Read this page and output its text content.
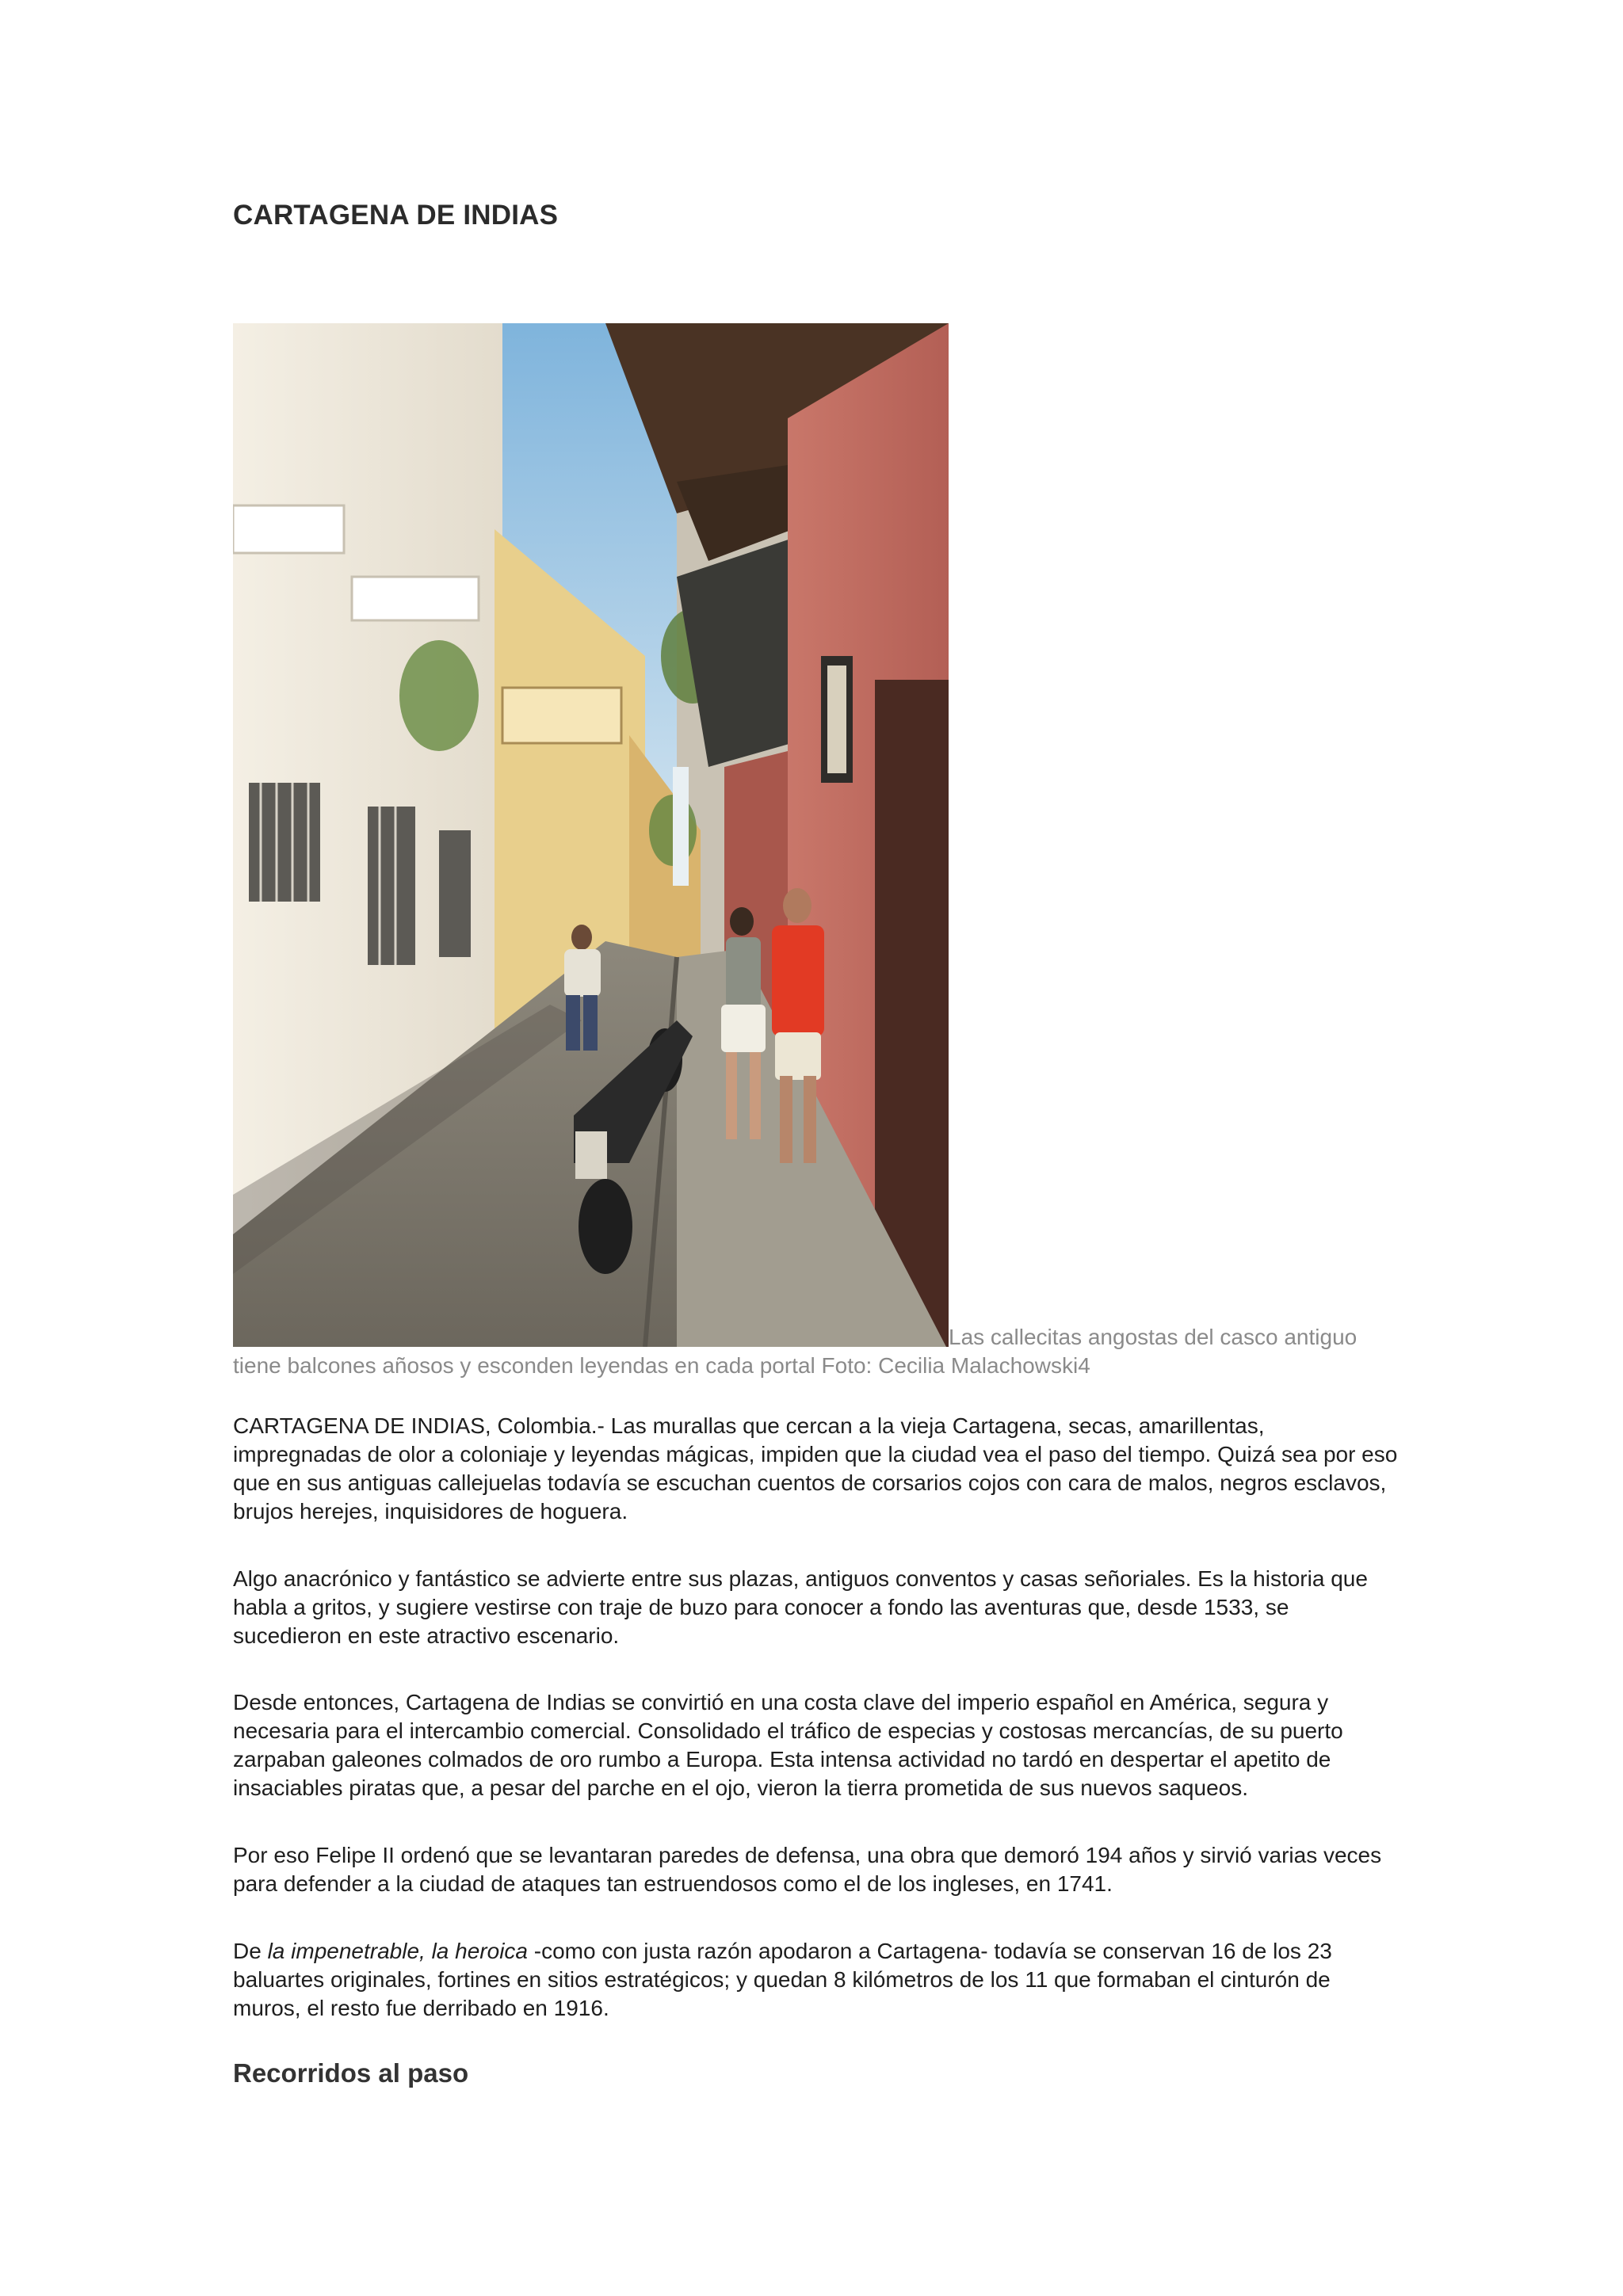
CARTAGENA DE INDIAS
Las callecitas angostas del casco antiguo
tiene balcones añosos y esconden leyendas en cada portal Foto: Cecilia Malachowski4

CARTAGENA DE INDIAS, Colombia.- Las murallas que cercan a la vieja Cartagena, secas, amarillentas, impregnadas de olor a coloniaje y leyendas mágicas, impiden que la ciudad vea el paso del tiempo. Quizá sea por eso que en sus antiguas callejuelas todavía se escuchan cuentos de corsarios cojos con cara de malos, negros esclavos, brujos herejes, inquisidores de hoguera.

Algo anacrónico y fantástico se advierte entre sus plazas, antiguos conventos y casas señoriales. Es la historia que habla a gritos, y sugiere vestirse con traje de buzo para conocer a fondo las aventuras que, desde 1533, se sucedieron en este atractivo escenario.

Desde entonces, Cartagena de Indias se convirtió en una costa clave del imperio español en América, segura y necesaria para el intercambio comercial. Consolidado el tráfico de especias y costosas mercancías, de su puerto zarpaban galeones colmados de oro rumbo a Europa. Esta intensa actividad no tardó en despertar el apetito de insaciables piratas que, a pesar del parche en el ojo, vieron la tierra prometida de sus nuevos saqueos.

Por eso Felipe II ordenó que se levantaran paredes de defensa, una obra que demoró 194 años y sirvió varias veces para defender a la ciudad de ataques tan estruendosos como el de los ingleses, en 1741.

De la impenetrable, la heroica -como con justa razón apodaron a Cartagena- todavía se conservan 16 de los 23 baluartes originales, fortines en sitios estratégicos; y quedan 8 kilómetros de los 11 que formaban el cinturón de muros, el resto fue derribado en 1916.

Recorridos al paso
